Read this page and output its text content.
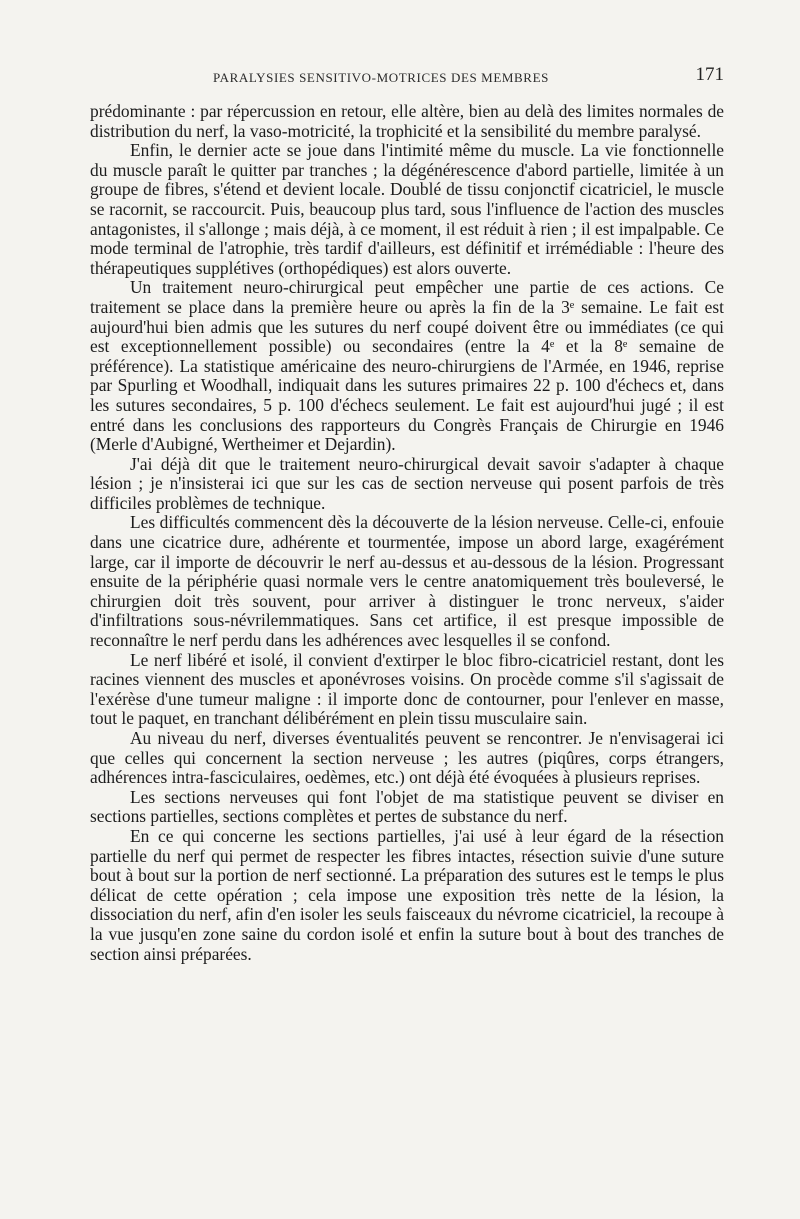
PARALYSIES SENSITIVO-MOTRICES DES MEMBRES	171

prédominante : par répercussion en retour, elle altère, bien au delà des limites normales de distribution du nerf, la vaso-motricité, la trophicité et la sensibilité du membre paralysé.

Enfin, le dernier acte se joue dans l'intimité même du muscle. La vie fonctionnelle du muscle paraît le quitter par tranches ; la dégénérescence d'abord partielle, limitée à un groupe de fibres, s'étend et devient locale. Doublé de tissu conjonctif cicatriciel, le muscle se racornit, se raccourcit. Puis, beaucoup plus tard, sous l'influence de l'action des muscles antagonistes, il s'allonge ; mais déjà, à ce moment, il est réduit à rien ; il est impalpable. Ce mode terminal de l'atrophie, très tardif d'ailleurs, est définitif et irrémédiable : l'heure des thérapeutiques supplétives (orthopédiques) est alors ouverte.

Un traitement neuro-chirurgical peut empêcher une partie de ces actions. Ce traitement se place dans la première heure ou après la fin de la 3ᵉ semaine. Le fait est aujourd'hui bien admis que les sutures du nerf coupé doivent être ou immédiates (ce qui est exceptionnellement possible) ou secondaires (entre la 4ᵉ et la 8ᵉ semaine de préférence). La statistique américaine des neuro-chirurgiens de l'Armée, en 1946, reprise par Spurling et Woodhall, indiquait dans les sutures primaires 22 p. 100 d'échecs et, dans les sutures secondaires, 5 p. 100 d'échecs seulement. Le fait est aujourd'hui jugé ; il est entré dans les conclusions des rapporteurs du Congrès Français de Chirurgie en 1946 (Merle d'Aubigné, Wertheimer et Dejardin).

J'ai déjà dit que le traitement neuro-chirurgical devait savoir s'adapter à chaque lésion ; je n'insisterai ici que sur les cas de section nerveuse qui posent parfois de très difficiles problèmes de technique.

Les difficultés commencent dès la découverte de la lésion nerveuse. Celle-ci, enfouie dans une cicatrice dure, adhérente et tourmentée, impose un abord large, exagérément large, car il importe de découvrir le nerf au-dessus et au-dessous de la lésion. Progressant ensuite de la périphérie quasi normale vers le centre anatomiquement très bouleversé, le chirurgien doit très souvent, pour arriver à distinguer le tronc nerveux, s'aider d'infiltrations sous-névrilemmatiques. Sans cet artifice, il est presque impossible de reconnaître le nerf perdu dans les adhérences avec lesquelles il se confond.

Le nerf libéré et isolé, il convient d'extirper le bloc fibro-cicatriciel restant, dont les racines viennent des muscles et aponévroses voisins. On procède comme s'il s'agissait de l'exérèse d'une tumeur maligne : il importe donc de contourner, pour l'enlever en masse, tout le paquet, en tranchant délibérément en plein tissu musculaire sain.

Au niveau du nerf, diverses éventualités peuvent se rencontrer. Je n'envisagerai ici que celles qui concernent la section nerveuse ; les autres (piqûres, corps étrangers, adhérences intra-fasciculaires, oedèmes, etc.) ont déjà été évoquées à plusieurs reprises.

Les sections nerveuses qui font l'objet de ma statistique peuvent se diviser en sections partielles, sections complètes et pertes de substance du nerf.

En ce qui concerne les sections partielles, j'ai usé à leur égard de la résection partielle du nerf qui permet de respecter les fibres intactes, résection suivie d'une suture bout à bout sur la portion de nerf sectionné. La préparation des sutures est le temps le plus délicat de cette opération ; cela impose une exposition très nette de la lésion, la dissociation du nerf, afin d'en isoler les seuls faisceaux du névrome cicatriciel, la recoupe à la vue jusqu'en zone saine du cordon isolé et enfin la suture bout à bout des tranches de section ainsi préparées.
